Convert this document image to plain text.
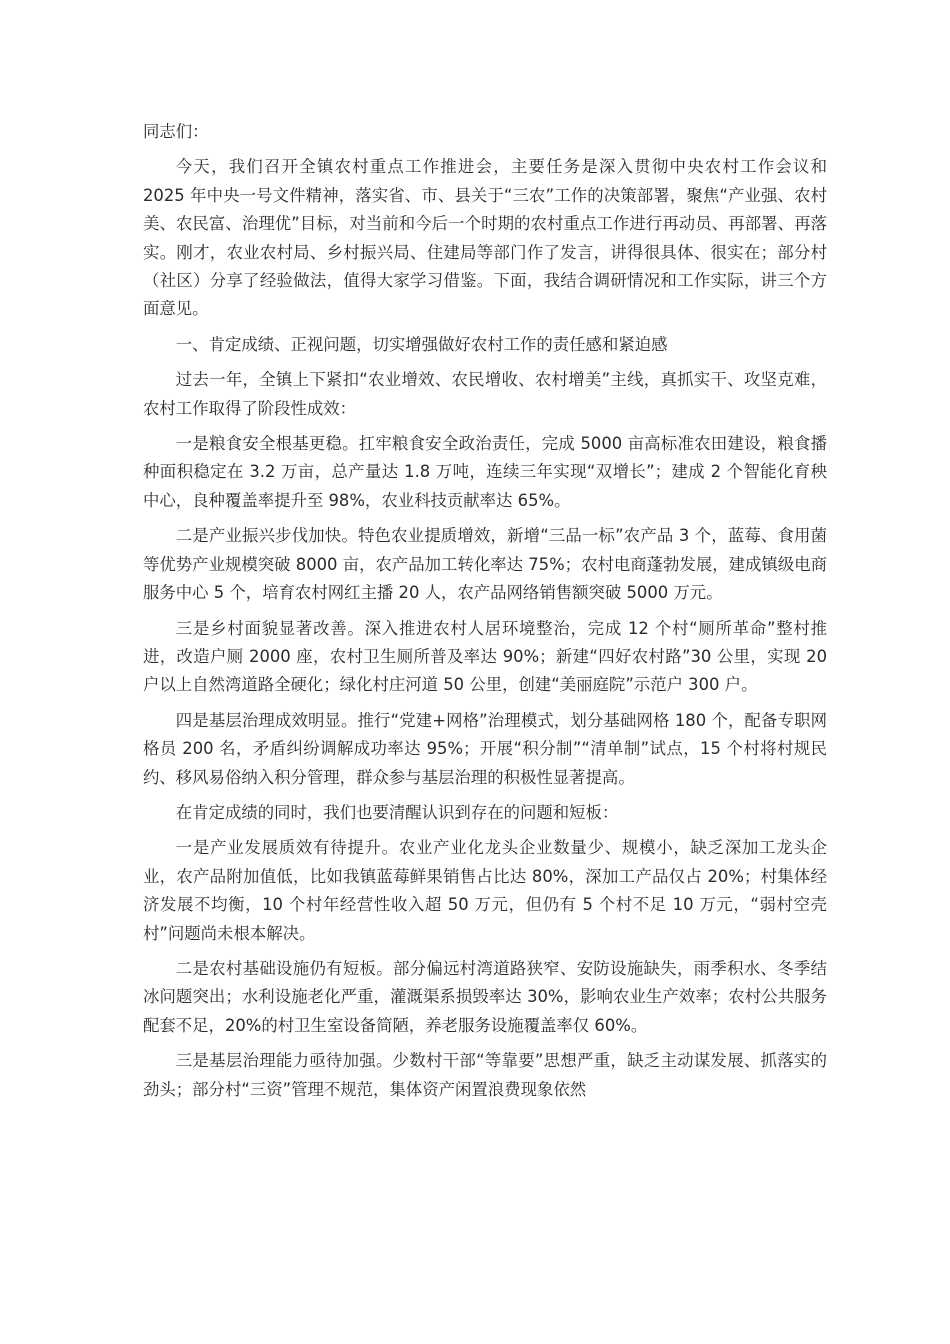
同志们：

今天，我们召开全镇农村重点工作推进会，主要任务是深入贯彻中央农村工作会议和 2025 年中央一号文件精神，落实省、市、县关于“三农”工作的决策部署，聚焦“产业强、农村美、农民富、治理优”目标，对当前和今后一个时期的农村重点工作进行再动员、再部署、再落实。刚才，农业农村局、乡村振兴局、住建局等部门作了发言，讲得很具体、很实在；部分村（社区）分享了经验做法，值得大家学习借鉴。下面，我结合调研情况和工作实际，讲三个方面意见。

一、肯定成绩、正视问题，切实增强做好农村工作的责任感和紧迫感

过去一年，全镇上下紧扣“农业增效、农民增收、农村增美”主线，真抓实干、攻坚克难，农村工作取得了阶段性成效：

一是粮食安全根基更稳。扛牢粮食安全政治责任，完成 5000 亩高标准农田建设，粮食播种面积稳定在 3.2 万亩，总产量达 1.8 万吨，连续三年实现“双增长”；建成 2 个智能化育秧中心，良种覆盖率提升至 98%，农业科技贡献率达 65%。

二是产业振兴步伐加快。特色农业提质增效，新增“三品一标”农产品 3 个，蓝莓、食用菌等优势产业规模突破 8000 亩，农产品加工转化率达 75%；农村电商蓬勃发展，建成镇级电商服务中心 5 个，培育农村网红主播 20 人，农产品网络销售额突破 5000 万元。

三是乡村面貌显著改善。深入推进农村人居环境整治，完成 12 个村“厕所革命”整村推进，改造户厕 2000 座，农村卫生厕所普及率达 90%；新建“四好农村路”30 公里，实现 20 户以上自然湾道路全硬化；绿化村庄河道 50 公里，创建“美丽庭院”示范户 300 户。

四是基层治理成效明显。推行“党建+网格”治理模式，划分基础网格 180 个，配备专职网格员 200 名，矛盾纠纷调解成功率达 95%；开展“积分制”“清单制”试点，15 个村将村规民约、移风易俗纳入积分管理，群众参与基层治理的积极性显著提高。

在肯定成绩的同时，我们也要清醒认识到存在的问题和短板：

一是产业发展质效有待提升。农业产业化龙头企业数量少、规模小，缺乏深加工龙头企业，农产品附加值低，比如我镇蓝莓鲜果销售占比达 80%，深加工产品仅占 20%；村集体经济发展不均衡，10 个村年经营性收入超 50 万元，但仍有 5 个村不足 10 万元，“弱村空壳村”问题尚未根本解决。

二是农村基础设施仍有短板。部分偏远村湾道路狭窄、安防设施缺失，雨季积水、冬季结冰问题突出；水利设施老化严重，灌溉渠系损毁率达 30%，影响农业生产效率；农村公共服务配套不足，20%的村卫生室设备简陋，养老服务设施覆盖率仅 60%。

三是基层治理能力亟待加强。少数村干部“等靠要”思想严重，缺乏主动谋发展、抓落实的劲头；部分村“三资”管理不规范，集体资产闲置浪费现象依然
